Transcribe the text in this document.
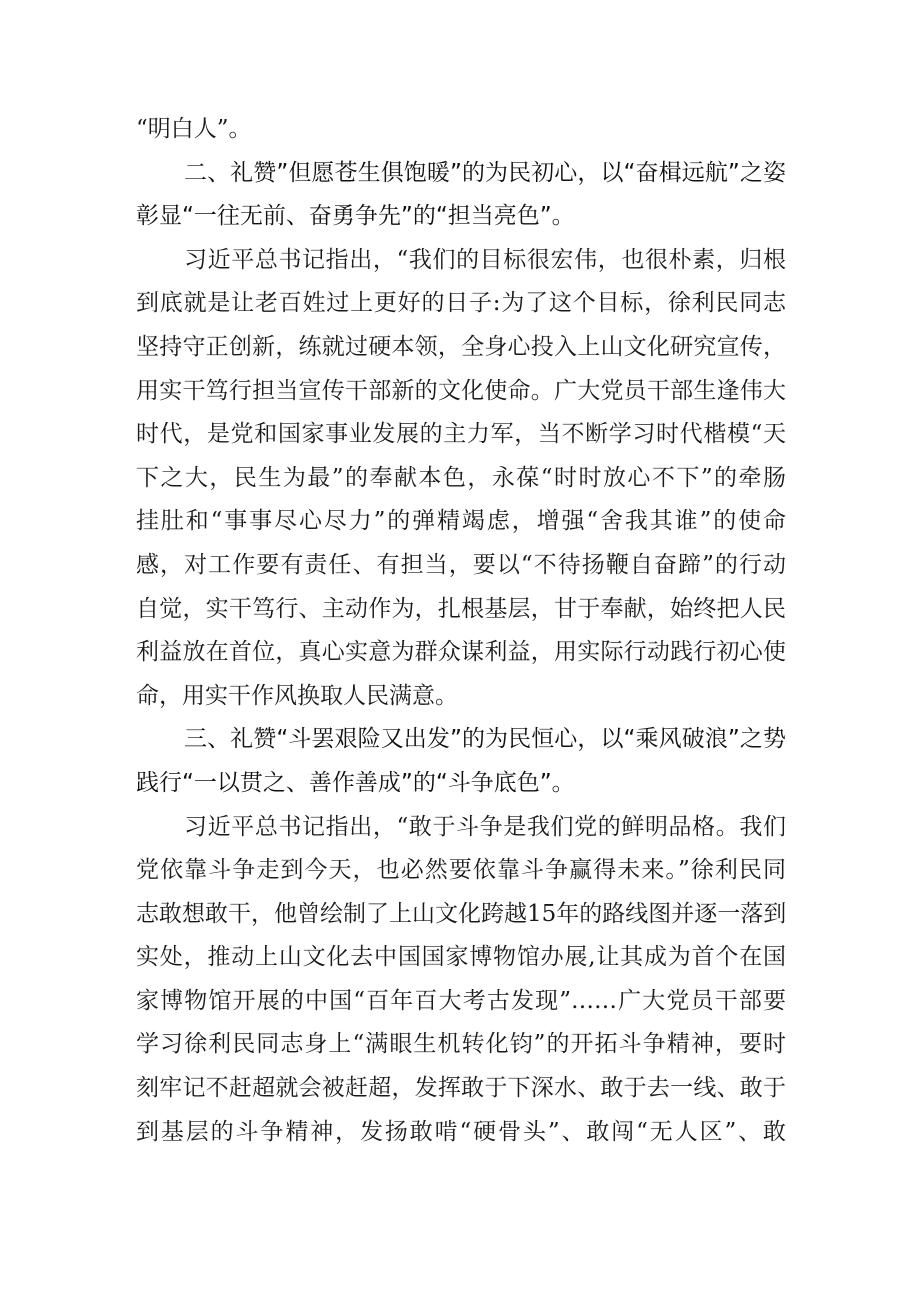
“明白人”。
二、礼赞”但愿苍生俱饱暖”的为民初心，以“奋楫远航”之姿
彰显“一往无前、奋勇争先”的“担当亮色”。
习近平总书记指出，“我们的目标很宏伟，也很朴素，归根
到底就是让老百姓过上更好的日子:为了这个目标，徐利民同志
坚持守正创新，练就过硬本领，全身心投入上山文化研究宣传，
用实干笃行担当宣传干部新的文化使命。广大党员干部生逢伟大
时代，是党和国家事业发展的主力军，当不断学习时代楷模“天
下之大，民生为最”的奉献本色，永葆“时时放心不下”的牵肠
挂肚和“事事尽心尽力”的弹精竭虑，增强“舍我其谁”的使命
感，对工作要有责任、有担当，要以“不待扬鞭自奋蹄”的行动
自觉，实干笃行、主动作为，扎根基层，甘于奉献，始终把人民
利益放在首位，真心实意为群众谋利益，用实际行动践行初心使
命，用实干作风换取人民满意。
三、礼赞“斗罢艰险又出发”的为民恒心，以“乘风破浪”之势
践行“一以贯之、善作善成”的“斗争底色”。
习近平总书记指出，“敢于斗争是我们党的鲜明品格。我们
党依靠斗争走到今天，也必然要依靠斗争赢得未来。”徐利民同
志敢想敢干，他曾绘制了上山文化跨越15年的路线图并逐一落到
实处，推动上山文化去中国国家博物馆办展,让其成为首个在国
家博物馆开展的中国“百年百大考古发现”……广大党员干部要
学习徐利民同志身上“满眼生机转化钧”的开拓斗争精神，要时
刻牢记不赶超就会被赶超，发挥敢于下深水、敢于去一线、敢于
到基层的斗争精神，发扬敢啃“硬骨头”、敢闯“无人区”、敢
